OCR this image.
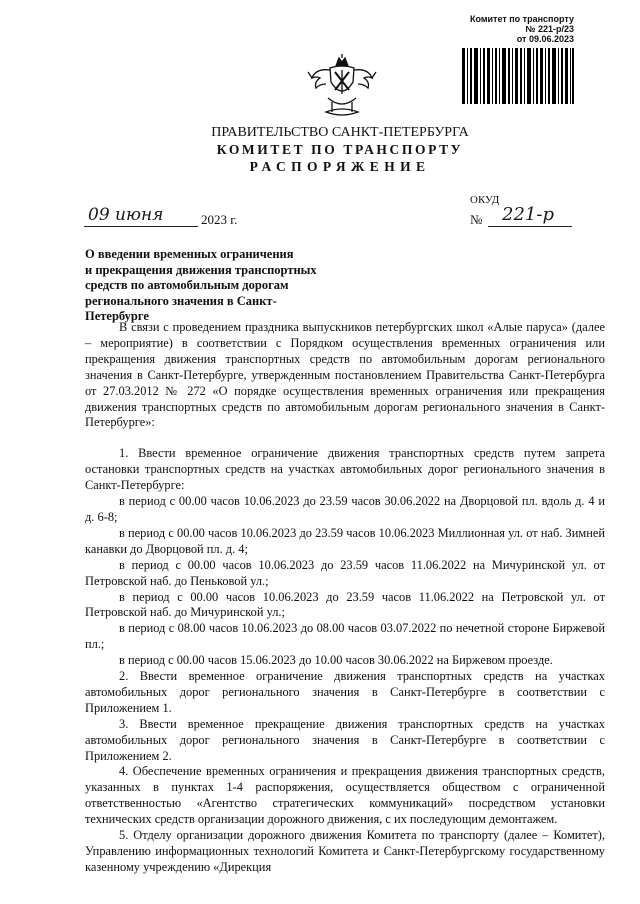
Комитет по транспорту
№ 221-р/23
от 09.06.2023
ПРАВИТЕЛЬСТВО САНКТ-ПЕТЕРБУРГА
КОМИТЕТ ПО ТРАНСПОРТУ
РАСПОРЯЖЕНИЕ
ОКУД
09 июня	2023 г.	№ 221-р
О введении временных ограничения
и прекращения движения транспортных
средств по автомобильным дорогам
регионального значения в Санкт-Петербурге

В связи с проведением праздника выпускников петербургских школ «Алые паруса» (далее – мероприятие) в соответствии с Порядком осуществления временных ограничения или прекращения движения транспортных средств по автомобильным дорогам регионального значения в Санкт-Петербурге, утвержденным постановлением Правительства Санкт-Петербурга от 27.03.2012 № 272 «О порядке осуществления временных ограничения или прекращения движения транспортных средств по автомобильным дорогам регионального значения в Санкт-Петербурге»:

1. Ввести временное ограничение движения транспортных средств путем запрета остановки транспортных средств на участках автомобильных дорог регионального значения в Санкт-Петербурге:

в период с 00.00 часов 10.06.2023 до 23.59 часов 30.06.2022 на Дворцовой пл. вдоль д. 4 и д. 6-8;

в период с 00.00 часов 10.06.2023 до 23.59 часов 10.06.2023 Миллионная ул. от наб. Зимней канавки до Дворцовой пл. д. 4;

в период с 00.00 часов 10.06.2023 до 23.59 часов 11.06.2022 на Мичуринской ул. от Петровской наб. до Пеньковой ул.;

в период с 00.00 часов 10.06.2023 до 23.59 часов 11.06.2022 на Петровской ул. от Петровской наб. до Мичуринской ул.;

в период с 08.00 часов 10.06.2023 до 08.00 часов 03.07.2022 по нечетной стороне Биржевой пл.;

в период с 00.00 часов 15.06.2023 до 10.00 часов 30.06.2022 на Биржевом проезде.

2. Ввести временное ограничение движения транспортных средств на участках автомобильных дорог регионального значения в Санкт-Петербурге в соответствии с Приложением 1.

3. Ввести временное прекращение движения транспортных средств на участках автомобильных дорог регионального значения в Санкт-Петербурге в соответствии с Приложением 2.

4. Обеспечение временных ограничения и прекращения движения транспортных средств, указанных в пунктах 1-4 распоряжения, осуществляется обществом с ограниченной ответственностью «Агентство стратегических коммуникаций» посредством установки технических средств организации дорожного движения, с их последующим демонтажем.

5. Отделу организации дорожного движения Комитета по транспорту (далее – Комитет), Управлению информационных технологий Комитета и Санкт-Петербургскому государственному казенному учреждению «Дирекция
